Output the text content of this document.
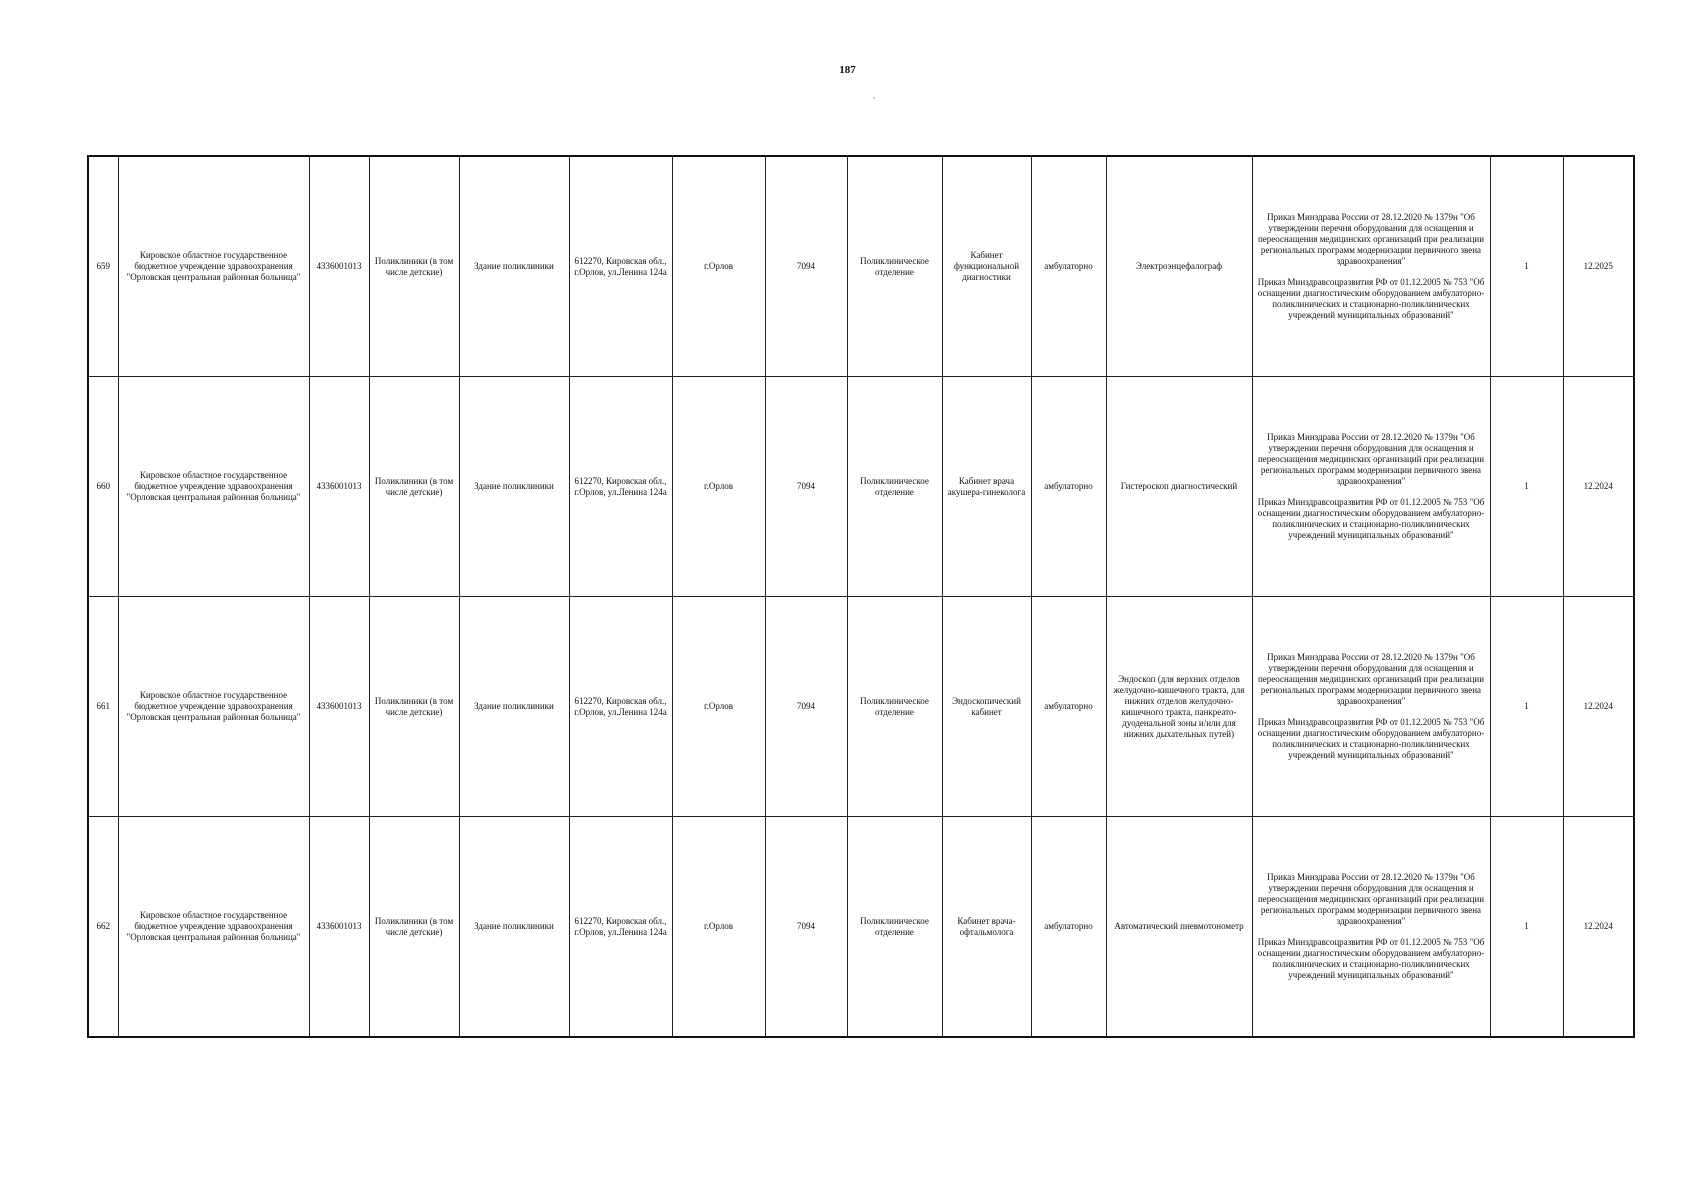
187
,
659	Кировское областное государственное бюджетное учреждение здравоохранения "Орловская центральная районная больница"	4336001013	Поликлиники (в том числе детские)	Здание поликлиники	612270, Кировская обл., г.Орлов, ул.Ленина 124а	г.Орлов	7094	Поликлиническое отделение	Кабинет функциональной диагностики	амбулаторно	Электроэнцефалограф	Приказ Минздрава России от 28.12.2020 № 1379н "Об утверждении перечня оборудования для оснащения и переоснащения медицинских организаций при реализации региональных программ модернизации первичного звена здравоохранения"

Приказ Минздравсоцразвития РФ от 01.12.2005 № 753 "Об оснащении диагностическим оборудованием амбулаторно-поликлинических и стационарно-поликлинических учреждений муниципальных образований"	1	12.2025
660	Кировское областное государственное бюджетное учреждение здравоохранения "Орловская центральная районная больница"	4336001013	Поликлиники (в том числе детские)	Здание поликлиники	612270, Кировская обл., г.Орлов, ул.Ленина 124а	г.Орлов	7094	Поликлиническое отделение	Кабинет врача акушера-гинеколога	амбулаторно	Гистероскоп диагностический	Приказ Минздрава России от 28.12.2020 № 1379н "Об утверждении перечня оборудования для оснащения и переоснащения медицинских организаций при реализации региональных программ модернизации первичного звена здравоохранения"

Приказ Минздравсоцразвития РФ от 01.12.2005 № 753 "Об оснащении диагностическим оборудованием амбулаторно-поликлинических и стационарно-поликлинических учреждений муниципальных образований"	1	12.2024
661	Кировское областное государственное бюджетное учреждение здравоохранения "Орловская центральная районная больница"	4336001013	Поликлиники (в том числе детские)	Здание поликлиники	612270, Кировская обл., г.Орлов, ул.Ленина 124а	г.Орлов	7094	Поликлиническое отделение	Эндоскопический кабинет	амбулаторно	Эндоскоп (для верхних отделов желудочно-кишечного тракта, для нижних отделов желудочно-кишечного тракта, панкреато-дуоденальной зоны и/или для нижних дыхательных путей)	Приказ Минздрава России от 28.12.2020 № 1379н "Об утверждении перечня оборудования для оснащения и переоснащения медицинских организаций при реализации региональных программ модернизации первичного звена здравоохранения"

Приказ Минздравсоцразвития РФ от 01.12.2005 № 753 "Об оснащении диагностическим оборудованием амбулаторно-поликлинических и стационарно-поликлинических учреждений муниципальных образований"	1	12.2024
662	Кировское областное государственное бюджетное учреждение здравоохранения "Орловская центральная районная больница"	4336001013	Поликлиники (в том числе детские)	Здание поликлиники	612270, Кировская обл., г.Орлов, ул.Ленина 124а	г.Орлов	7094	Поликлиническое отделение	Кабинет врача-офтальмолога	амбулаторно	Автоматический пневмотонометр	Приказ Минздрава России от 28.12.2020 № 1379н "Об утверждении перечня оборудования для оснащения и переоснащения медицинских организаций при реализации региональных программ модернизации первичного звена здравоохранения"

Приказ Минздравсоцразвития РФ от 01.12.2005 № 753 "Об оснащении диагностическим оборудованием амбулаторно-поликлинических и стационарно-поликлинических учреждений муниципальных образований"	1	12.2024
